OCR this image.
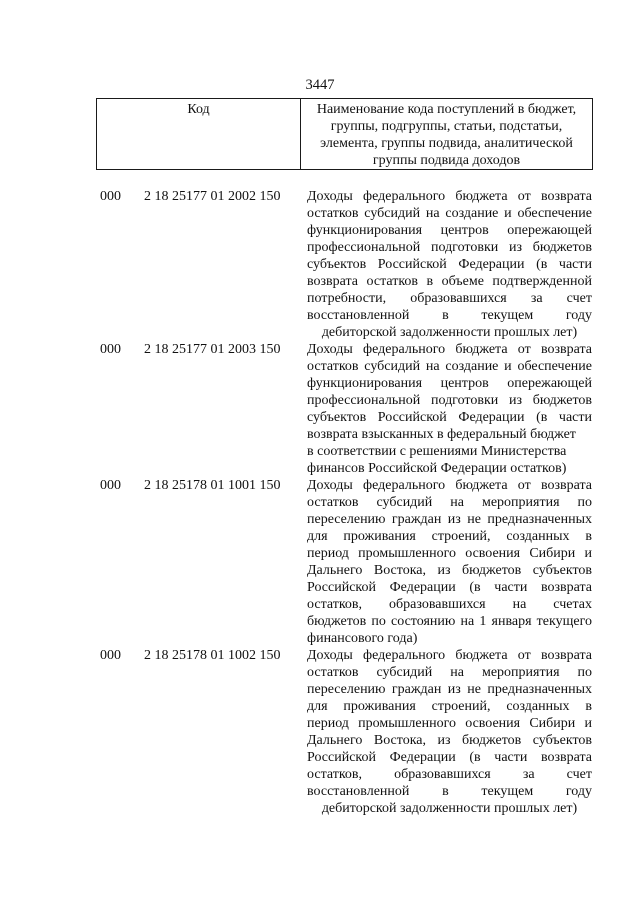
3447
Код	Наименование кода поступлений в бюджет,
группы, подгруппы, статьи, подстатьи,
элемента, группы подвида, аналитической
группы подвида доходов
000	2 18 25177 01 2002 150	Доходы федерального бюджета от возврата
остатков субсидий на создание и обеспечение
функционирования центров опережающей
профессиональной подготовки из бюджетов
субъектов Российской Федерации (в части
возврата остатков в объеме подтвержденной
потребности, образовавшихся за счет
восстановленной в текущем году
дебиторской задолженности прошлых лет)
000	2 18 25177 01 2003 150	Доходы федерального бюджета от возврата
остатков субсидий на создание и обеспечение
функционирования центров опережающей
профессиональной подготовки из бюджетов
субъектов Российской Федерации (в части
возврата взысканных в федеральный бюджет
в соответствии с решениями Министерства
финансов Российской Федерации остатков)
000	2 18 25178 01 1001 150	Доходы федерального бюджета от возврата
остатков субсидий на мероприятия по
переселению граждан из не предназначенных
для проживания строений, созданных в
период промышленного освоения Сибири и
Дальнего Востока, из бюджетов субъектов
Российской Федерации (в части возврата
остатков, образовавшихся на счетах
бюджетов по состоянию на 1 января текущего
финансового года)
000	2 18 25178 01 1002 150	Доходы федерального бюджета от возврата
остатков субсидий на мероприятия по
переселению граждан из не предназначенных
для проживания строений, созданных в
период промышленного освоения Сибири и
Дальнего Востока, из бюджетов субъектов
Российской Федерации (в части возврата
остатков, образовавшихся за счет
восстановленной в текущем году
дебиторской задолженности прошлых лет)
